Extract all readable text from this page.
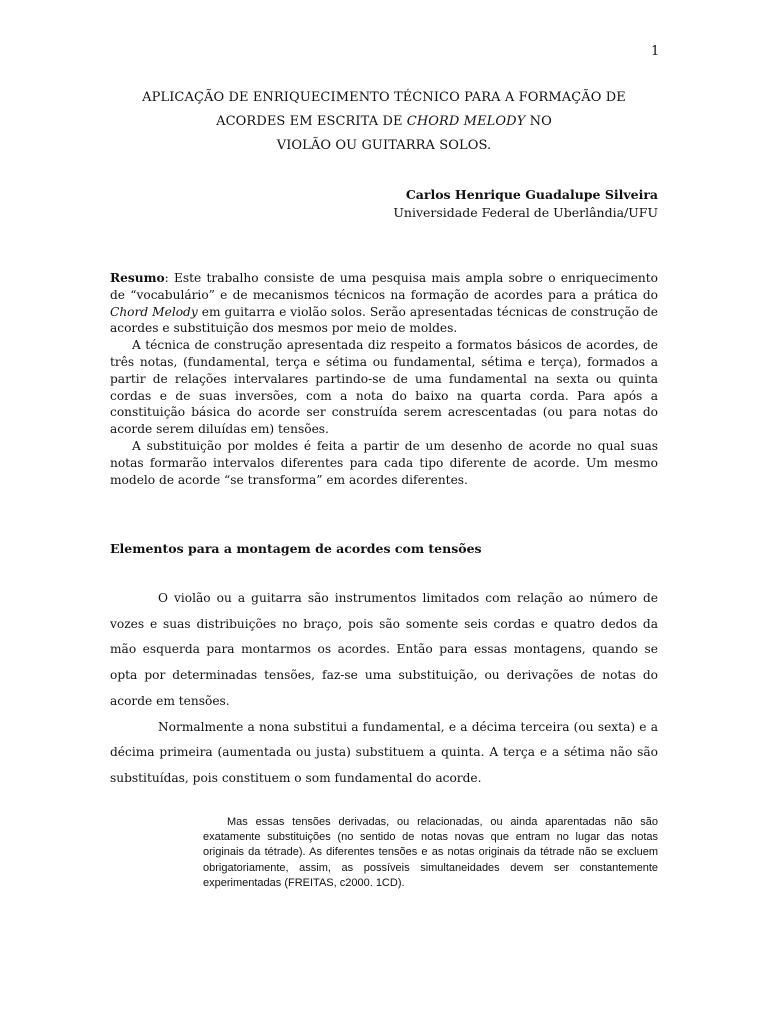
1
APLICAÇÃO DE ENRIQUECIMENTO TÉCNICO PARA A FORMAÇÃO DE
ACORDES EM ESCRITA DE CHORD MELODY NO
VIOLÃO OU GUITARRA SOLOS.
Carlos Henrique Guadalupe Silveira
Universidade Federal de Uberlândia/UFU

Resumo: Este trabalho consiste de uma pesquisa mais ampla sobre o enriquecimento de “vocabulário” e de mecanismos técnicos na formação de acordes para a prática do Chord Melody em guitarra e violão solos. Serão apresentadas técnicas de construção de acordes e substituição dos mesmos por meio de moldes.

A técnica de construção apresentada diz respeito a formatos básicos de acordes, de três notas, (fundamental, terça e sétima ou fundamental, sétima e terça), formados a partir de relações intervalares partindo-se de uma fundamental na sexta ou quinta cordas e de suas inversões, com a nota do baixo na quarta corda. Para após a constituição básica do acorde ser construída serem acrescentadas (ou para notas do acorde serem diluídas em) tensões.

A substituição por moldes é feita a partir de um desenho de acorde no qual suas notas formarão intervalos diferentes para cada tipo diferente de acorde. Um mesmo modelo de acorde “se transforma” em acordes diferentes.

Elementos para a montagem de acordes com tensões

O violão ou a guitarra são instrumentos limitados com relação ao número de vozes e suas distribuições no braço, pois são somente seis cordas e quatro dedos da mão esquerda para montarmos os acordes. Então para essas montagens, quando se opta por determinadas tensões, faz-se uma substituição, ou derivações de notas do acorde em tensões.

Normalmente a nona substitui a fundamental, e a décima terceira (ou sexta) e a décima primeira (aumentada ou justa) substituem a quinta. A terça e a sétima não são substituídas, pois constituem o som fundamental do acorde.

Mas essas tensões derivadas, ou relacionadas, ou ainda aparentadas não são exatamente substituições (no sentido de notas novas que entram no lugar das notas originais da tétrade). As diferentes tensões e as notas originais da tétrade não se excluem obrigatoriamente, assim, as possíveis simultaneidades devem ser constantemente experimentadas (FREITAS, c2000. 1CD).
